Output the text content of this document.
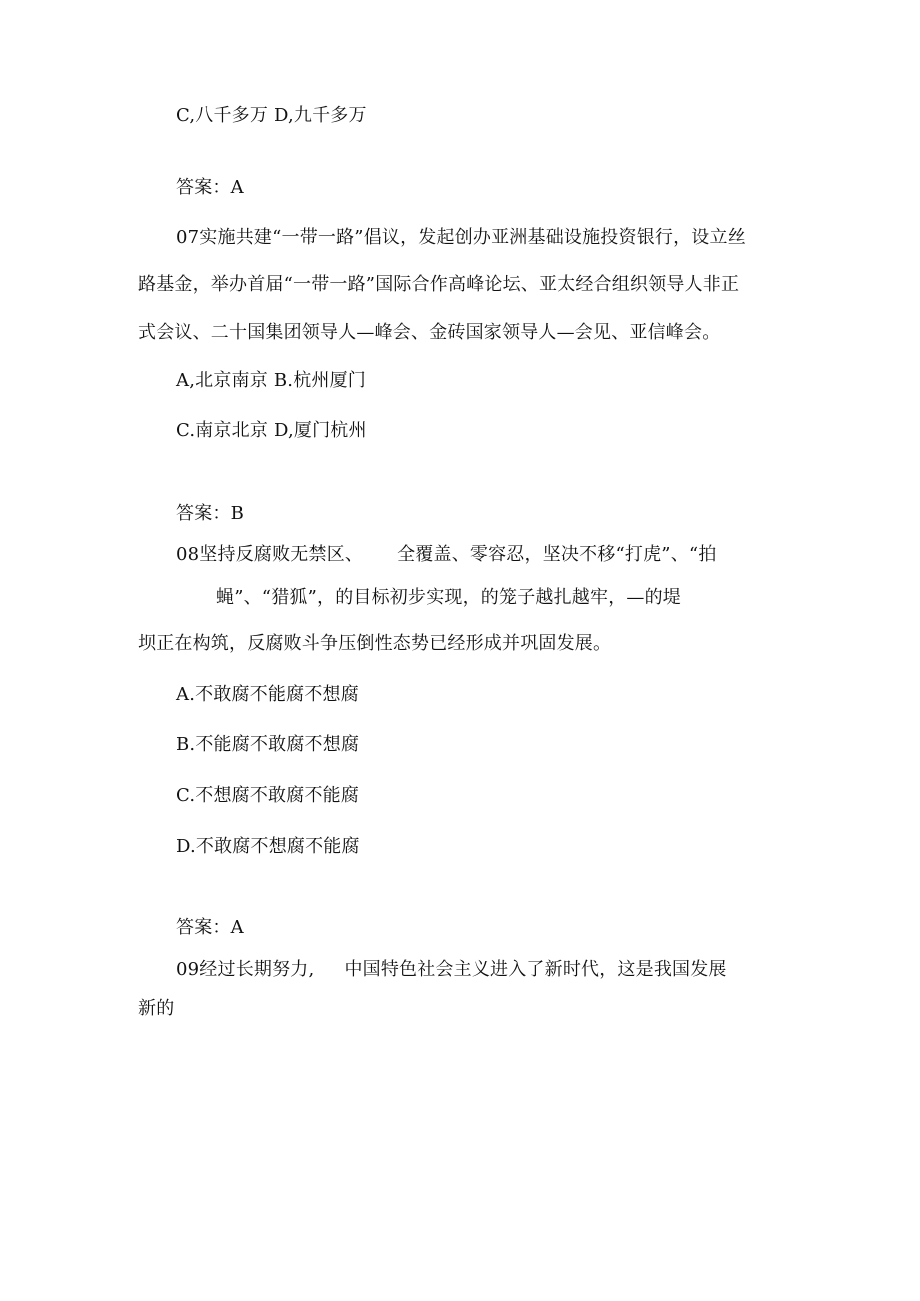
C,八千多万 D,九千多万
答案：A
07实施共建“一带一路”倡议，发起创办亚洲基础设施投资银行，设立丝
路基金，举办首届“一带一路”国际合作高峰论坛、亚太经合组织领导人非正
式会议、二十国集团领导人—峰会、金砖国家领导人—会见、亚信峰会。
A,北京南京 B.杭州厦门
C.南京北京 D,厦门杭州
答案：B
08坚持反腐败无禁区、 全覆盖、零容忍，坚决不移“打虎”、“拍
蝇”、“猎狐”，的目标初步实现，的笼子越扎越牢，—的堤
坝正在构筑，反腐败斗争压倒性态势已经形成并巩固发展。
A.不敢腐不能腐不想腐
B.不能腐不敢腐不想腐
C.不想腐不敢腐不能腐
D.不敢腐不想腐不能腐
答案：A
09经过长期努力, 中国特色社会主义进入了新时代，这是我国发展
新的
